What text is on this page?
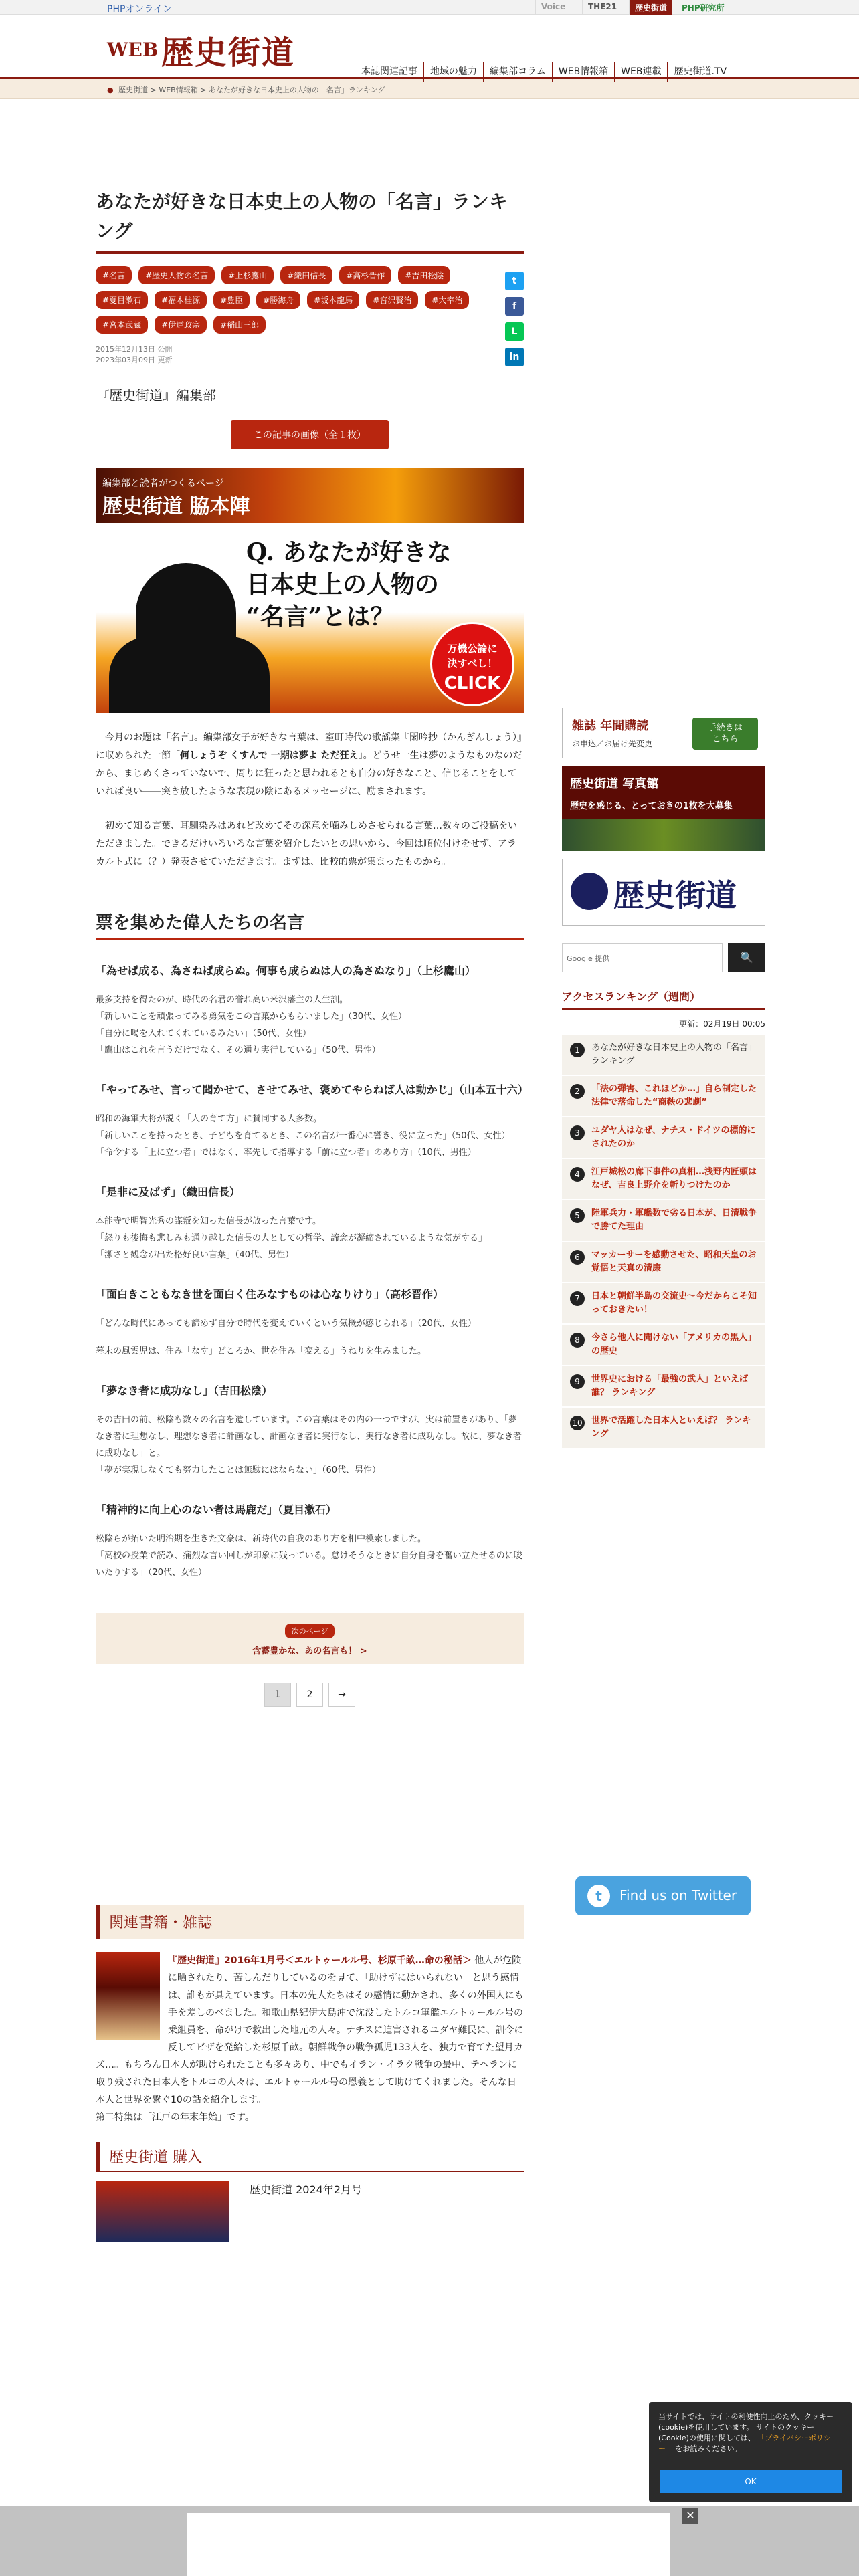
PHPオンライン	Voice	THE21	歴史街道	PHP研究所
WEB 歴史街道	本誌関連記事	地域の魅力	編集部コラム	WEB情報箱	WEB連載	歴史街道.TV
● 歴史街道 > WEB情報箱 > あなたが好きな日本史上の人物の「名言」ランキング
あなたが好きな日本史上の人物の「名言」ランキング
#名言	#歴史人物の名言	#上杉鷹山	#織田信長	#高杉晋作	#吉田松陰
#夏目漱石	#福木桂源	#豊臣	#勝海舟	#坂本龍馬	#宮沢賢治	#大宰治
#宮本武蔵	#伊達政宗	#稲山三郎
t
f
L
in
2015年12月13日 公開
2023年03月09日 更新
『歴史街道』編集部
この記事の画像（全１枚）
編集部と読者がつくるページ
歴史街道 脇本陣
Q. あなたが好きな
日本史上の人物の
“名言”とは？
万機公論に
決すべし！
CLICK

今月のお題は「名言」。編集部女子が好きな言葉は、室町時代の歌謡集『閑吟抄（かんぎんしょう）』に収められた一節「何しょうぞ くすんで 一期は夢よ ただ狂え」。どうせ一生は夢のようなものなのだから、まじめくさっていないで、周りに狂ったと思われるとも自分の好きなこと、信じることをしていれば良い――突き放したような表現の陰にあるメッセージに、励まされます。

初めて知る言葉、耳馴染みはあれど改めてその深意を噛みしめさせられる言葉…数々のご投稿をいただきました。できるだけいろいろな言葉を紹介したいとの思いから、今回は順位付けをせず、アラカルト式に（？）発表させていただきます。まずは、比較的票が集まったものから。

票を集めた偉人たちの名言
「為せば成る、為さねば成らぬ。何事も成らぬは人の為さぬなり」（上杉鷹山）
最多支持を得たのが、時代の名君の誉れ高い米沢藩主の人生訓。
「新しいことを頑張ってみる勇気をこの言葉からもらいました」（30代、女性）
「自分に喝を入れてくれているみたい」（50代、女性）
「鷹山はこれを言うだけでなく、その通り実行している」（50代、男性）
「やってみせ、言って聞かせて、させてみせ、褒めてやらねば人は動かじ」（山本五十六）
昭和の海軍大将が説く「人の育て方」に賛同する人多数。
「新しいことを持ったとき、子どもを育てるとき、この名言が一番心に響き、役に立った」（50代、女性）
「命令する「上に立つ者」ではなく、率先して指導する「前に立つ者」のあり方」（10代、男性）
「是非に及ばず」（織田信長）
本能寺で明智光秀の謀叛を知った信長が放った言葉です。
「怒りも後悔も悲しみも通り越した信長の人としての哲学、諦念が凝縮されているような気がする」
「潔さと観念が出た格好良い言葉」（40代、男性）
「面白きこともなき世を面白く住みなすものは心なりけり」（高杉晋作）
「どんな時代にあっても諦めず自分で時代を変えていくという気概が感じられる」（20代、女性）
幕末の風雲児は、住み「なす」どころか、世を住み「変える」うねりを生みました。
「夢なき者に成功なし」（吉田松陰）
その吉田の前、松陰も数々の名言を遺しています。この言葉はその内の一つですが、実は前置きがあり、「夢なき者に理想なし、理想なき者に計画なし、計画なき者に実行なし、実行なき者に成功なし。故に、夢なき者に成功なし」と。
「夢が実現しなくても努力したことは無駄にはならない」（60代、男性）
「精神的に向上心のない者は馬鹿だ」（夏目漱石）
松陰らが拓いた明治期を生きた文豪は、新時代の自我のあり方を相中模索しました。
「高校の授業で読み、痛烈な言い回しが印象に残っている。怠けそうなときに自分自身を奮い立たせるのに唆いたりする」（20代、女性）
次のページ
含蓄豊かな、あの名言も！ >
1	2	→
関連書籍・雑誌
『歴史街道』2016年1月号＜エルトゥールル号、杉原千畝…命の秘話＞ 他人が危険に晒されたり、苦しんだりしているのを見て、「助けずにはいられない」と思う感情は、誰もが具えています。日本の先人たちはその感情に動かされ、多くの外国人にも手を差しのべました。和歌山県紀伊大島沖で沈没したトルコ軍艦エルトゥールル号の乗組員を、命がけで救出した地元の人々。ナチスに迫害されるユダヤ難民に、訓令に反してビザを発給した杉原千畝。朝鮮戦争の戦争孤児133人を、独力で育てた望月カズ…。もちろん日本人が助けられたことも多々あり、中でもイラン・イラク戦争の最中、テヘランに取り残された日本人をトルコの人々は、エルトゥールル号の恩義として助けてくれました。そんな日本人と世界を繋ぐ10の話を紹介します。
第二特集は「江戸の年末年始」です。
歴史街道 購入
歴史街道 2024年2月号
雑誌 年間購読
お申込／お届け先変更
手続きは
こちら
歴史街道 写真館
歴史を感じる、とっておきの1枚を大募集
歴史街道
Google 提供	🔍
アクセスランキング（週間）
更新：02月19日 00:05
1	あなたが好きな日本史上の人物の「名言」ランキング
2	「法の弾害、これほどか…」自ら制定した法律で落命した“商鞅の悲劇”
3	ユダヤ人はなぜ、ナチス・ドイツの標的にされたのか
4	江戸城松の廊下事件の真相…浅野内匠頭はなぜ、吉良上野介を斬りつけたのか
5	陸軍兵力・軍艦数で劣る日本が、日清戦争で勝てた理由
6	マッカーサーを感動させた、昭和天皇のお覚悟と天真の清廉
7	日本と朝鮮半島の交流史～今だからこそ知っておきたい！
8	今さら他人に聞けない「アメリカの黒人」の歴史
9	世界史における「最強の武人」といえば誰？ ランキング
10 世界で活躍した日本人といえば？ ランキング
t	Find us on Twitter
当サイトでは、サイトの利便性向上のため、クッキー(cookie)を使用しています。 サイトのクッキー(Cookie)の使用に関しては、 「プライバシーポリシー」 をお読みください。
OK
✕
